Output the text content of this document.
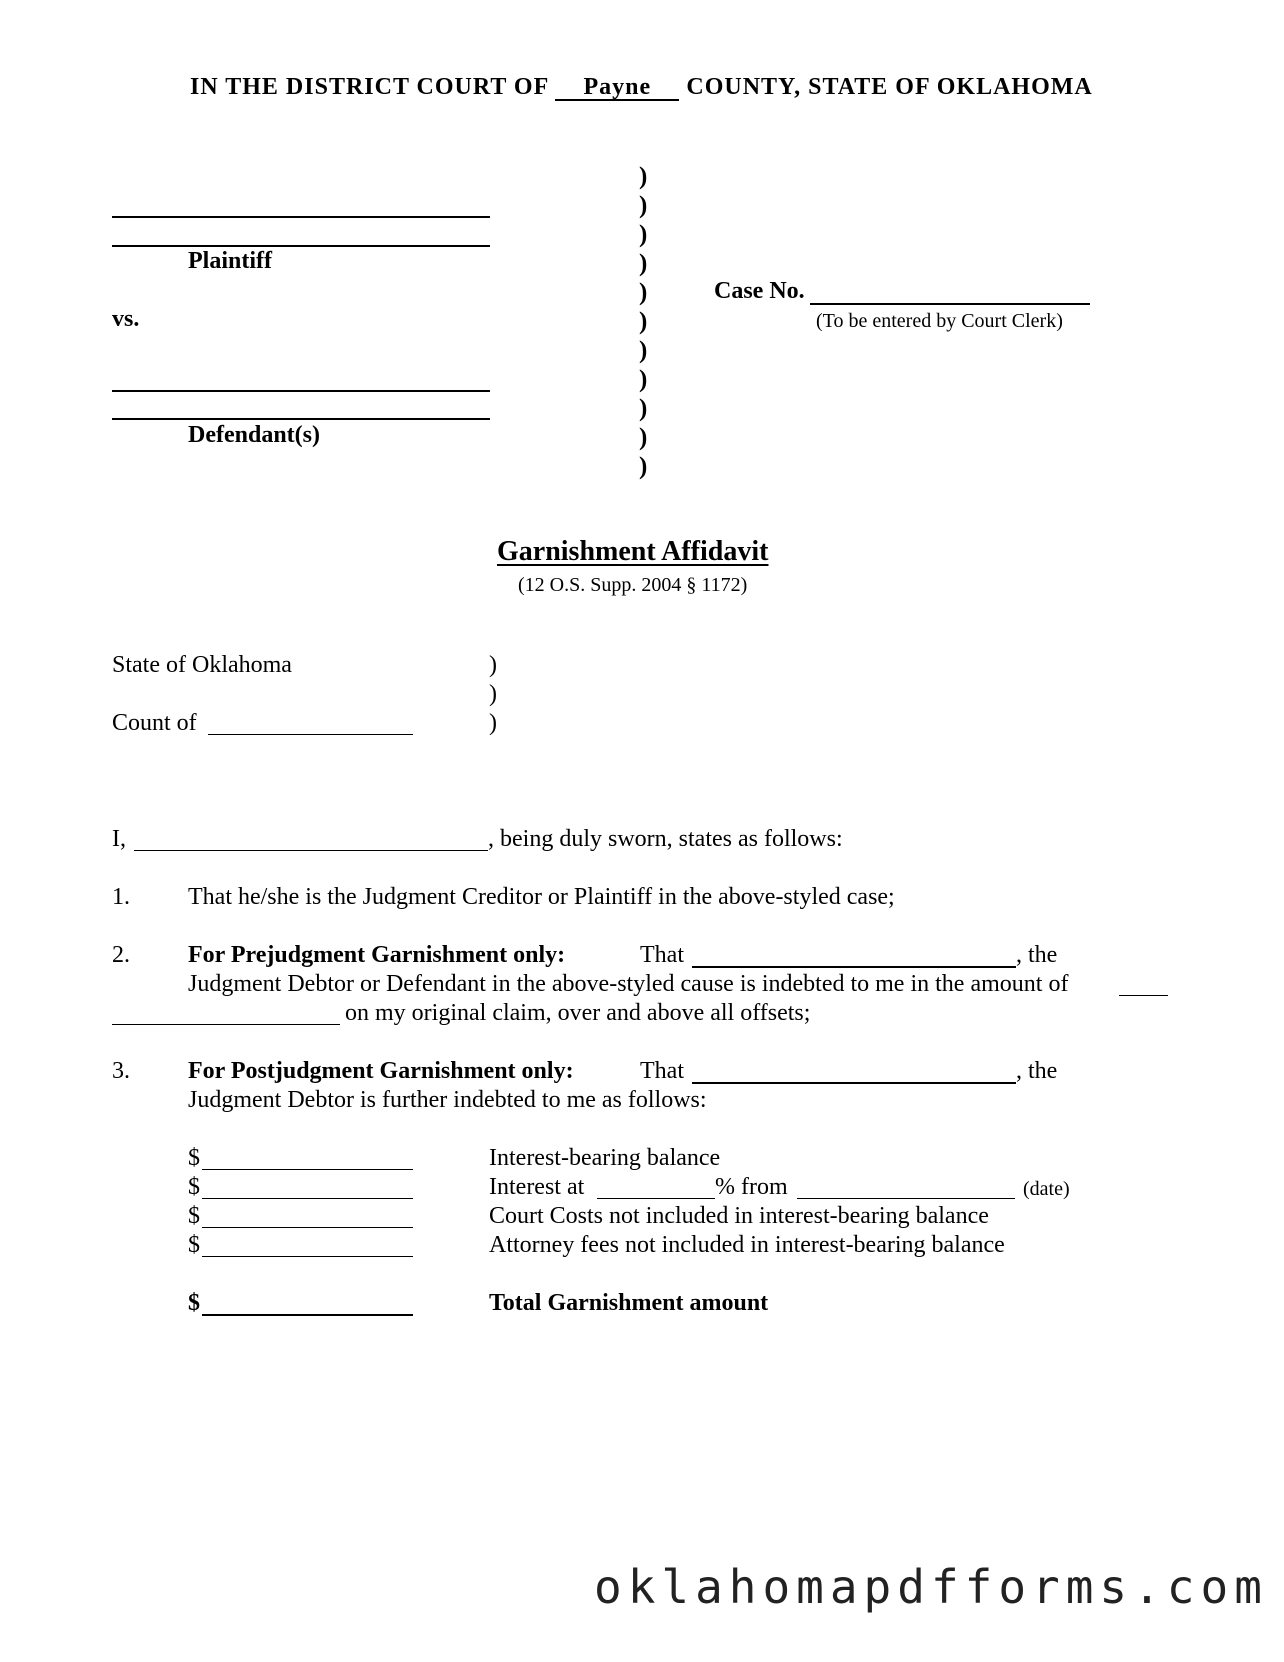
IN THE DISTRICT COURT OF Payne COUNTY, STATE OF OKLAHOMA
Plaintiff
vs.
Defendant(s)
)
)
)
)
)
)
)
)
)
)
)
Case No.
(To be entered by Court Clerk)
Garnishment Affidavit
(12 O.S. Supp. 2004 § 1172)
State of Oklahoma
Count of
)
)
)
I,	, being duly sworn, states as follows:
1. That he/she is the Judgment Creditor or Plaintiff in the above-styled case;
2. For Prejudgment Garnishment only:	That	, the
Judgment Debtor or Defendant in the above-styled cause is indebted to me in the amount of
on my original claim, over and above all offsets;
3. For Postjudgment Garnishment only:	That	, the
Judgment Debtor is further indebted to me as follows:
$	Interest-bearing balance
$	Interest at	% from	(date)
$	Court Costs not included in interest-bearing balance
$	Attorney fees not included in interest-bearing balance
$	Total Garnishment amount
oklahomapdfforms.com
